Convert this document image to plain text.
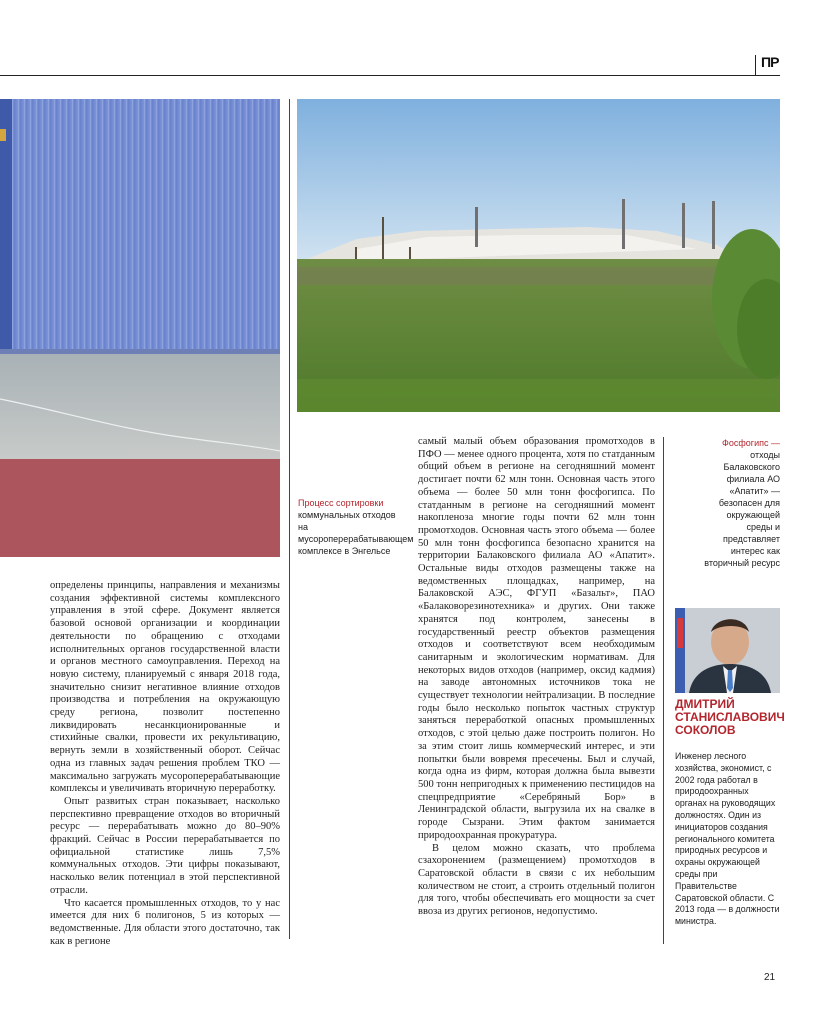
ПР
Процесс сортировки
коммунальных отходов на мусороперерабатывающем комплексе в Энгельсе
Фосфогипс —
отходы Балаковского филиала АО «Апатит» — безопасен для окружающей среды и представляет интерес как вторичный ресурс

определены принципы, направления и механизмы создания эффективной системы комплексного управления в этой сфере. Документ является базовой основой организации и координации деятельности по обращению с отходами исполнительных органов государственной власти и органов местного самоуправления. Переход на новую систему, планируемый с января 2018 года, значительно снизит негативное влияние отходов производства и потребления на окружающую среду региона, позволит постепенно ликвидировать несанкционированные и стихийные свалки, провести их рекультивацию, вернуть земли в хозяйственный оборот. Сейчас одна из главных задач решения проблем ТКО — максимально загружать мусороперерабатывающие комплексы и увеличивать вторичную переработку.

Опыт развитых стран показывает, насколько перспективно превращение отходов во вторичный ресурс — перерабатывать можно до 80–90% фракций. Сейчас в России перерабатывается по официальной статистике лишь 7,5% коммунальных отходов. Эти цифры показывают, насколько велик потенциал в этой перспективной отрасли.

Что касается промышленных отходов, то у нас имеется для них 6 полигонов, 5 из которых — ведомственные. Для области этого достаточно, так как в регионе

самый малый объем образования промотходов в ПФО — менее одного процента, хотя по статданным общий объем в регионе на сегодняшний момент достигает почти 62 млн тонн. Основная часть этого объема — более 50 млн тонн фосфогипса. По статданным в регионе на сегодняшний момент накопленоза многие годы почти 62 млн тонн промотходов. Основная часть этого объема — более 50 млн тонн фосфогипса безопасно хранится на территории Балаковского филиала АО «Апатит». Остальные виды отходов размещены также на ведомственных площадках, например, на Балаковской АЭС, ФГУП «Базальт», ПАО «Балаковорезинотехника» и других. Они также хранятся под контролем, занесены в государственный реестр объектов размещения отходов и соответствуют всем необходимым санитарным и экологическим нормативам. Для некоторых видов отходов (например, оксид кадмия) на заводе автономных источников тока не существует технологии нейтрализации. В последние годы было несколько попыток частных структур заняться переработкой опасных промышленных отходов, с этой целью даже построить полигон. Но за этим стоит лишь коммерческий интерес, и эти попытки были вовремя пресечены. Был и случай, когда одна из фирм, которая должна была вывезти 500 тонн непригодных к применению пестицидов на спецпредприятие «Серебряный Бор» в Ленинградской области, выгрузила их на свалке в городе Сызрани. Этим фактом занимается природоохранная прокуратура.

В целом можно сказать, что проблема сзахоронением (размещением) промотходов в Саратовской области в связи с их небольшим количеством не стоит, а строить отдельный полигон для того, чтобы обеспечивать его мощности за счет ввоза из других регионов, недопустимо.

ДМИТРИЙ СТАНИСЛАВОВИЧ СОКОЛОВ
Инженер лесного хозяйства, экономист, с 2002 года работал в природоохранных органах на руководящих должностях. Один из инициаторов создания регионального комитета природных ресурсов и охраны окружающей среды при Правительстве Саратовской области. С 2013 года — в должности министра.
21
